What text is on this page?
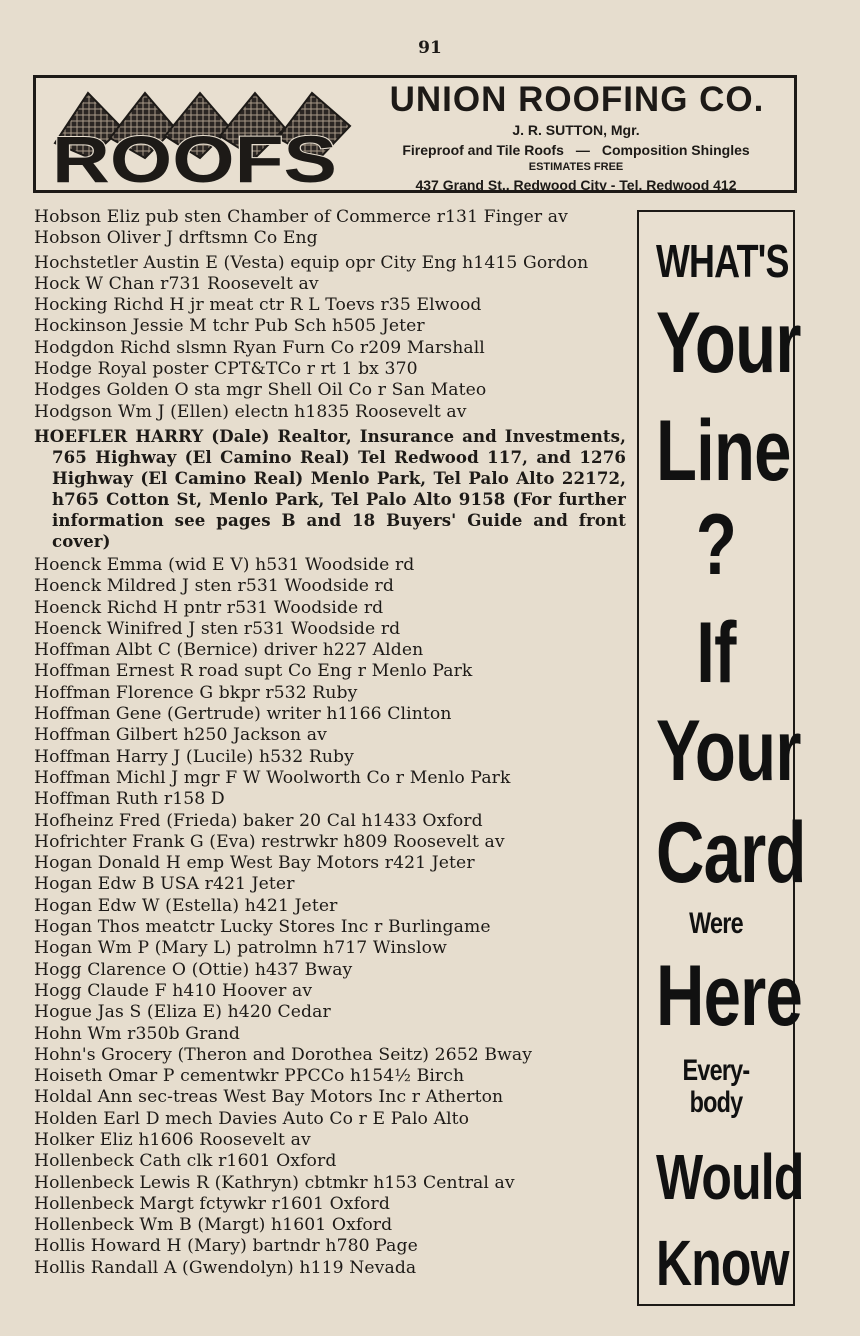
91
ROOFS
UNION ROOFING CO.
J. R. SUTTON, Mgr.
Fireproof and Tile Roofs — Composition Shingles
ESTIMATES FREE
437 Grand St., Redwood City - Tel. Redwood 412
Hobson Eliz pub sten Chamber of Commerce r131 Finger av
Hobson Oliver J drftsmn Co Eng
Hochstetler Austin E (Vesta) equip opr City Eng h1415 Gordon
Hock W Chan r731 Roosevelt av
Hocking Richd H jr meat ctr R L Toevs r35 Elwood
Hockinson Jessie M tchr Pub Sch h505 Jeter
Hodgdon Richd slsmn Ryan Furn Co r209 Marshall
Hodge Royal poster CPT&TCo r rt 1 bx 370
Hodges Golden O sta mgr Shell Oil Co r San Mateo
Hodgson Wm J (Ellen) electn h1835 Roosevelt av
HOEFLER HARRY (Dale) Realtor, Insurance and Investments, 765 Highway (El Camino Real) Tel Redwood 117, and 1276 Highway (El Camino Real) Menlo Park, Tel Palo Alto 22172, h765 Cotton St, Menlo Park, Tel Palo Alto 9158 (For further information see pages B and 18 Buyers' Guide and front cover)
Hoenck Emma (wid E V) h531 Woodside rd
Hoenck Mildred J sten r531 Woodside rd
Hoenck Richd H pntr r531 Woodside rd
Hoenck Winifred J sten r531 Woodside rd
Hoffman Albt C (Bernice) driver h227 Alden
Hoffman Ernest R road supt Co Eng r Menlo Park
Hoffman Florence G bkpr r532 Ruby
Hoffman Gene (Gertrude) writer h1166 Clinton
Hoffman Gilbert h250 Jackson av
Hoffman Harry J (Lucile) h532 Ruby
Hoffman Michl J mgr F W Woolworth Co r Menlo Park
Hoffman Ruth r158 D
Hofheinz Fred (Frieda) baker 20 Cal h1433 Oxford
Hofrichter Frank G (Eva) restrwkr h809 Roosevelt av
Hogan Donald H emp West Bay Motors r421 Jeter
Hogan Edw B USA r421 Jeter
Hogan Edw W (Estella) h421 Jeter
Hogan Thos meatctr Lucky Stores Inc r Burlingame
Hogan Wm P (Mary L) patrolmn h717 Winslow
Hogg Clarence O (Ottie) h437 Bway
Hogg Claude F h410 Hoover av
Hogue Jas S (Eliza E) h420 Cedar
Hohn Wm r350b Grand
Hohn's Grocery (Theron and Dorothea Seitz) 2652 Bway
Hoiseth Omar P cementwkr PPCCo h154½ Birch
Holdal Ann sec-treas West Bay Motors Inc r Atherton
Holden Earl D mech Davies Auto Co r E Palo Alto
Holker Eliz h1606 Roosevelt av
Hollenbeck Cath clk r1601 Oxford
Hollenbeck Lewis R (Kathryn) cbtmkr h153 Central av
Hollenbeck Margt fctywkr r1601 Oxford
Hollenbeck Wm B (Margt) h1601 Oxford
Hollis Howard H (Mary) bartndr h780 Page
Hollis Randall A (Gwendolyn) h119 Nevada
WHAT'S
Your
Line
?
If
Your
Card
Were
Here
Every-
body
Would
Know
